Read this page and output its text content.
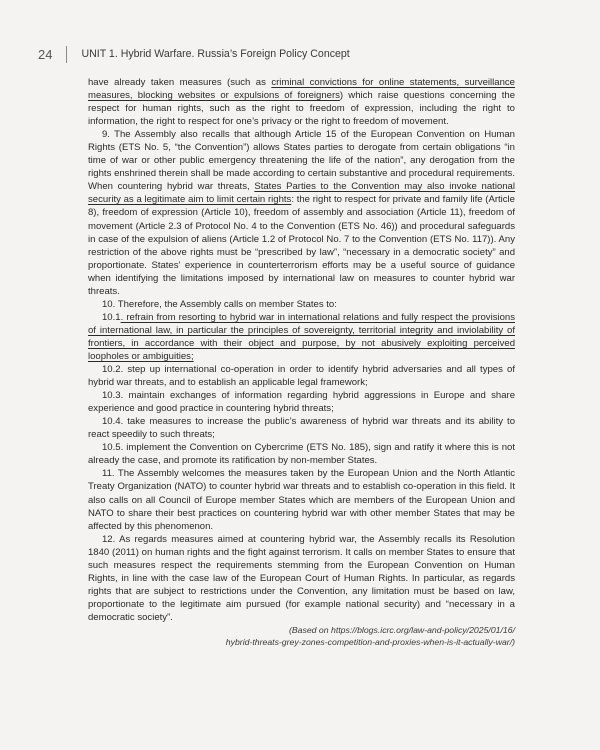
24	UNIT 1. Hybrid Warfare. Russia’s Foreign Policy Concept

have already taken measures (such as criminal convictions for online statements, surveillance measures, blocking websites or expulsions of foreigners) which raise questions concerning the respect for human rights, such as the right to freedom of expression, including the right to information, the right to respect for one’s privacy or the right to freedom of movement.

9. The Assembly also recalls that although Article 15 of the European Convention on Human Rights (ETS No. 5, “the Convention”) allows States parties to derogate from certain obligations “in time of war or other public emergency threatening the life of the nation”, any derogation from the rights enshrined therein shall be made according to certain substantive and procedural requirements. When countering hybrid war threats, States Parties to the Convention may also invoke national security as a legitimate aim to limit certain rights: the right to respect for private and family life (Article 8), freedom of expression (Article 10), freedom of assembly and association (Article 11), freedom of movement (Article 2.3 of Protocol No. 4 to the Convention (ETS No. 46)) and procedural safeguards in case of the expulsion of aliens (Article 1.2 of Protocol No. 7 to the Convention (ETS No. 117)). Any restriction of the above rights must be “prescribed by law”, “necessary in a democratic society” and proportionate. States’ experience in counterterrorism efforts may be a useful source of guidance when identifying the limitations imposed by international law on measures to counter hybrid war threats.

10. Therefore, the Assembly calls on member States to:

10.1. refrain from resorting to hybrid war in international relations and fully respect the provisions of international law, in particular the principles of sovereignty, territorial integrity and inviolability of frontiers, in accordance with their object and purpose, by not abusively exploiting perceived loopholes or ambiguities;

10.2. step up international co-operation in order to identify hybrid adversaries and all types of hybrid war threats, and to establish an applicable legal framework;

10.3. maintain exchanges of information regarding hybrid aggressions in Europe and share experience and good practice in countering hybrid threats;

10.4. take measures to increase the public’s awareness of hybrid war threats and its ability to react speedily to such threats;

10.5. implement the Convention on Cybercrime (ETS No. 185), sign and ratify it where this is not already the case, and promote its ratification by non-member States.

11. The Assembly welcomes the measures taken by the European Union and the North Atlantic Treaty Organization (NATO) to counter hybrid war threats and to establish co-operation in this field. It also calls on all Council of Europe member States which are members of the European Union and NATO to share their best practices on countering hybrid war with other member States that may be affected by this phenomenon.

12. As regards measures aimed at countering hybrid war, the Assembly recalls its Resolution 1840 (2011) on human rights and the fight against terrorism. It calls on member States to ensure that such measures respect the requirements stemming from the European Convention on Human Rights, in line with the case law of the European Court of Human Rights. In particular, as regards rights that are subject to restrictions under the Convention, any limitation must be based on law, proportionate to the legitimate aim pursued (for example national security) and “necessary in a democratic society”.

(Based on https://blogs.icrc.org/law-and-policy/2025/01/16/
hybrid-threats-grey-zones-competition-and-proxies-when-is-it-actually-war/)
